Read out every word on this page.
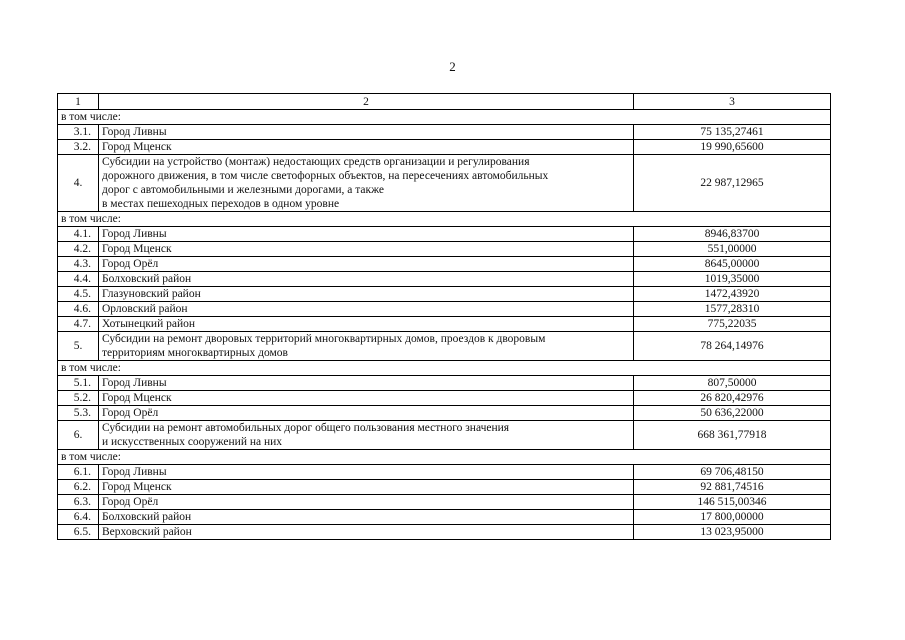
2
1	2	3
в том числе:		
3.1.	Город Ливны	75 135,27461
3.2.	Город Мценск	19 990,65600
4.	Субсидии на устройство (монтаж) недостающих средств организации и регулирования
дорожного движения, в том числе светофорных объектов, на пересечениях автомобильных
дорог с автомобильными и железными дорогами, а также
в местах пешеходных переходов в одном уровне	22 987,12965
в том числе:		
4.1.	Город Ливны	8946,83700
4.2.	Город Мценск	551,00000
4.3.	Город Орёл	8645,00000
4.4.	Болховский район	1019,35000
4.5.	Глазуновский район	1472,43920
4.6.	Орловский район	1577,28310
4.7.	Хотынецкий район	775,22035
5.	Субсидии на ремонт дворовых территорий многоквартирных домов, проездов к дворовым
территориям многоквартирных домов	78 264,14976
в том числе:		
5.1.	Город Ливны	807,50000
5.2.	Город Мценск	26 820,42976
5.3.	Город Орёл	50 636,22000
6.	Субсидии на ремонт автомобильных дорог общего пользования местного значения
и искусственных сооружений на них	668 361,77918
в том числе:		
6.1.	Город Ливны	69 706,48150
6.2.	Город Мценск	92 881,74516
6.3.	Город Орёл	146 515,00346
6.4.	Болховский район	17 800,00000
6.5.	Верховский район	13 023,95000
